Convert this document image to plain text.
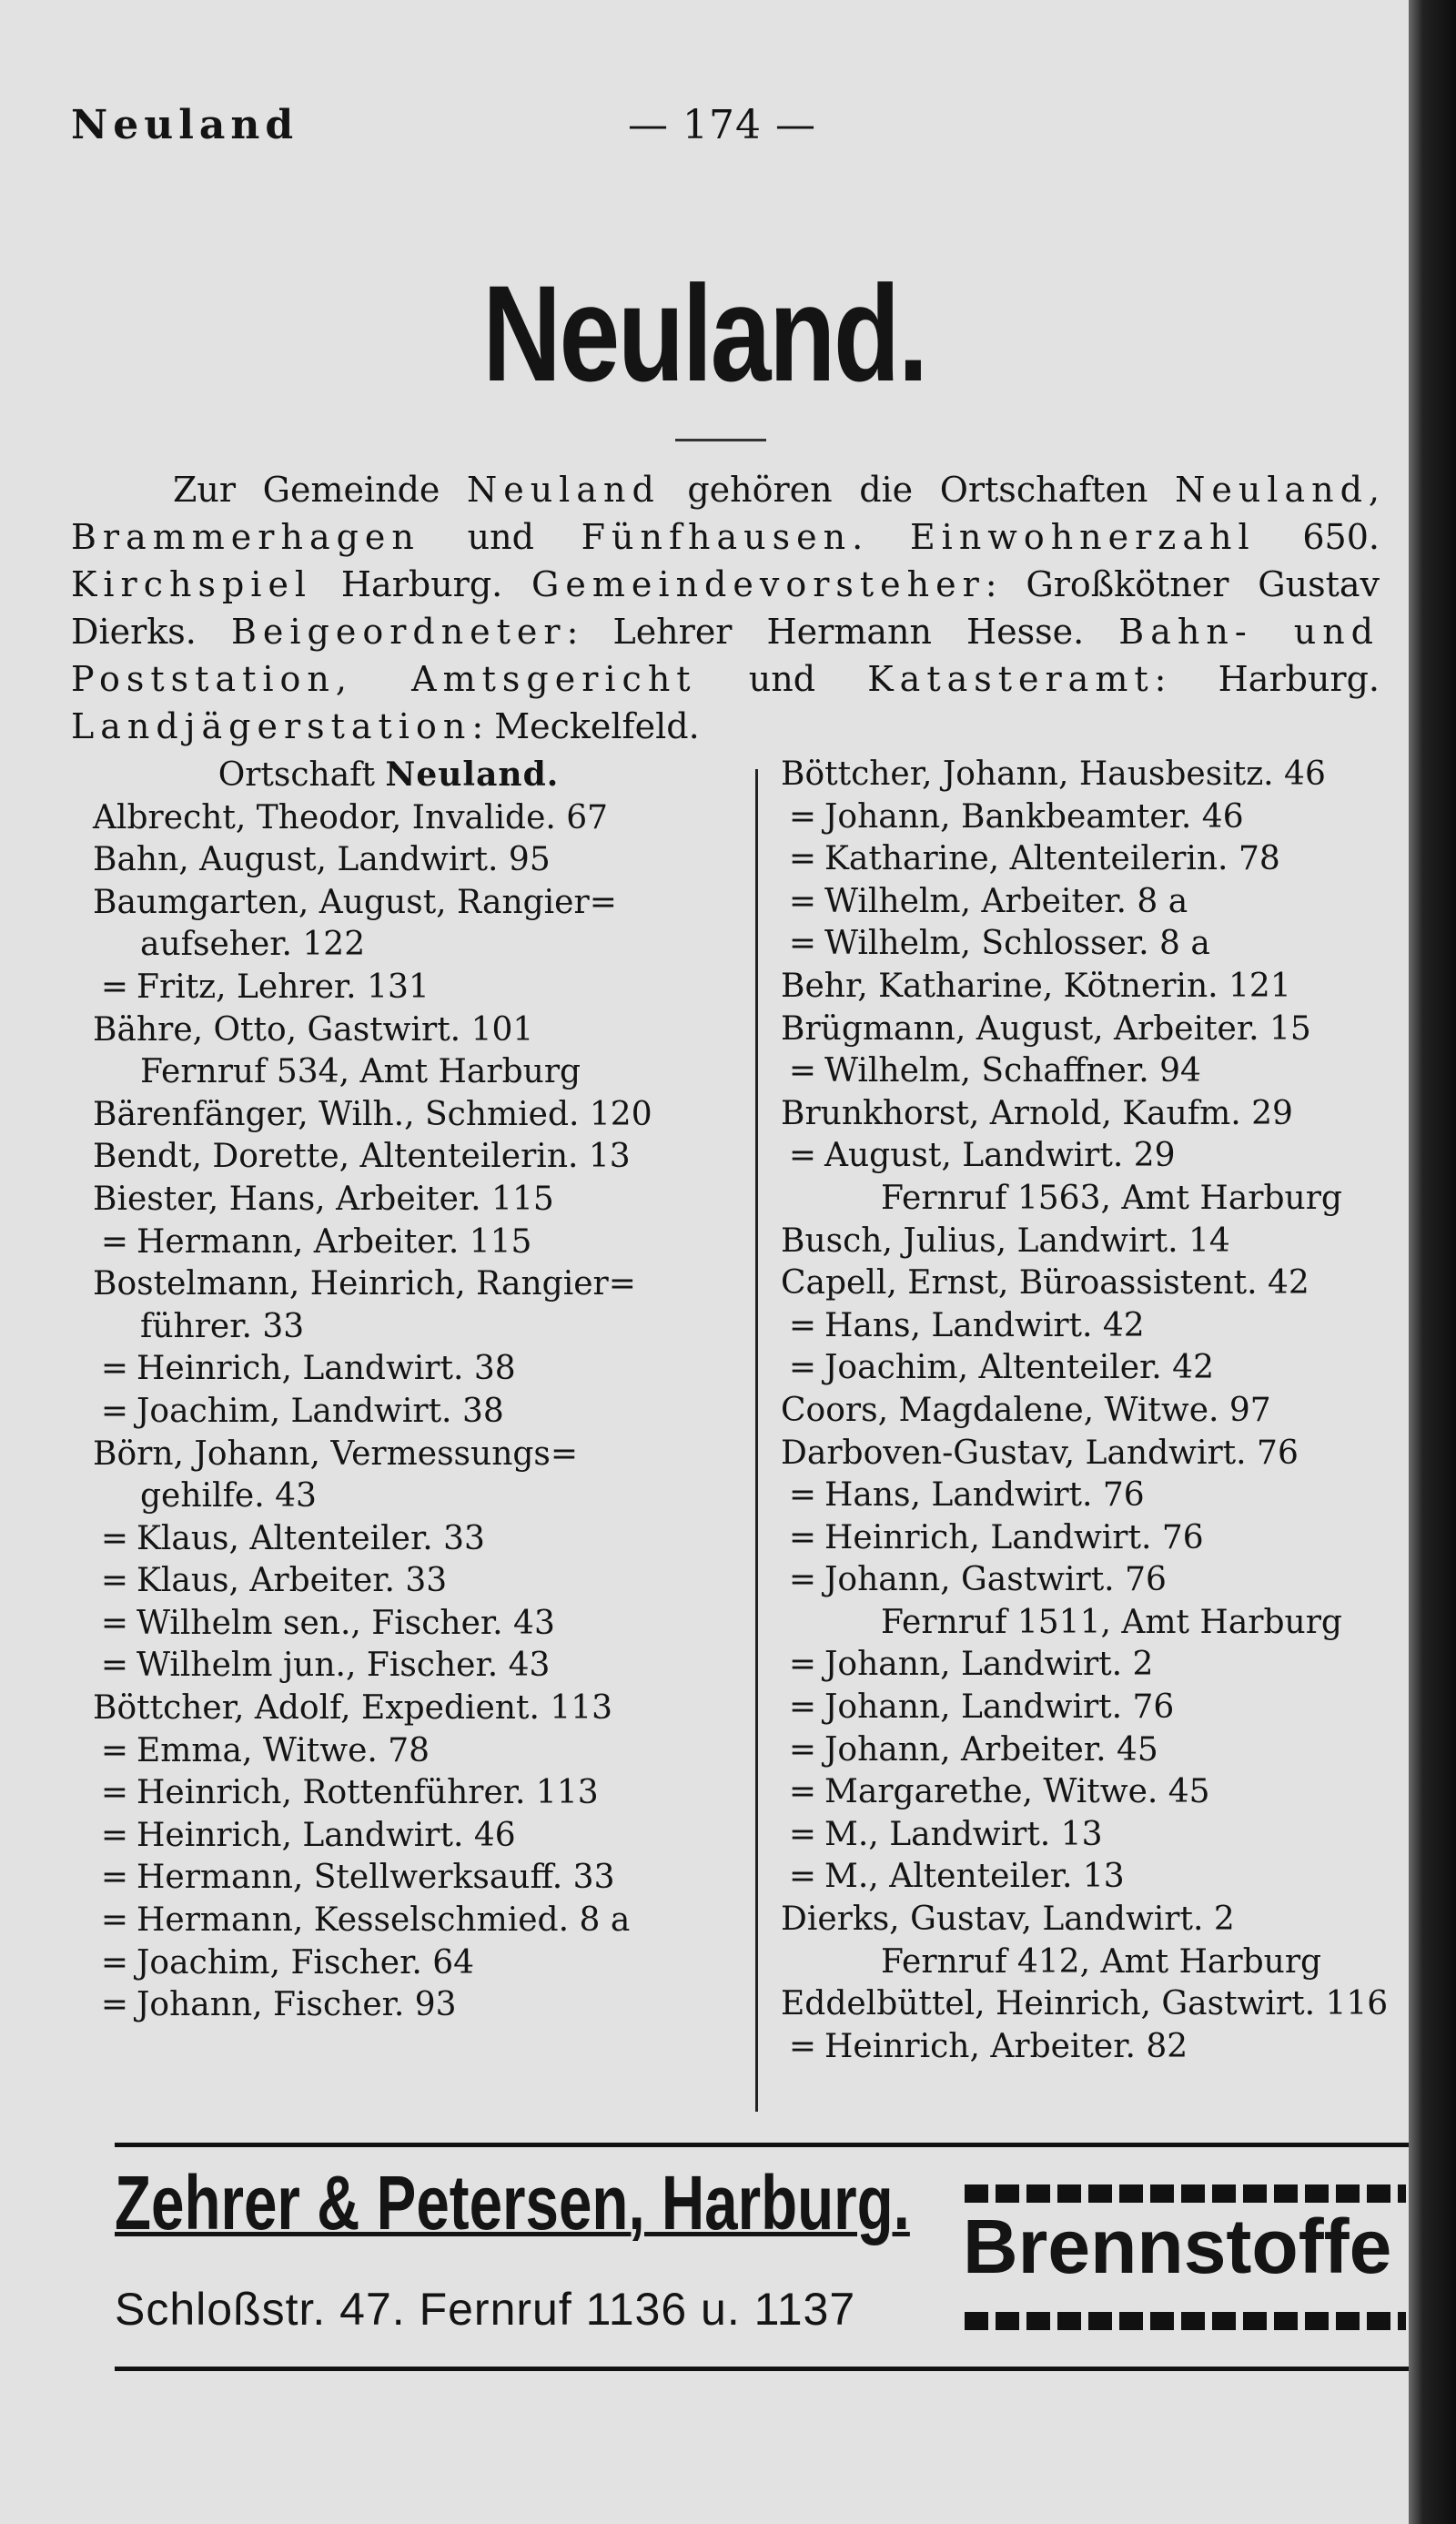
Neuland	— 174 —
Neuland.
Zur Gemeinde Neuland gehören die Ortschaften Neuland, Brammerhagen und Fünfhausen. Einwohnerzahl 650. Kirchspiel Harburg. Gemeindevorsteher: Großkötner Gustav Dierks. Beigeordneter: Lehrer Hermann Hesse. Bahn- und Poststation, Amtsgericht und Katasteramt: Harburg. Landjägerstation: Meckelfeld.
Ortschaft Neuland.
Albrecht, Theodor, Invalide. 67
Bahn, August, Landwirt. 95
Baumgarten, August, Rangier=
aufseher. 122
= Fritz, Lehrer. 131
Bähre, Otto, Gastwirt. 101
Fernruf 534, Amt Harburg
Bärenfänger, Wilh., Schmied. 120
Bendt, Dorette, Altenteilerin. 13
Biester, Hans, Arbeiter. 115
= Hermann, Arbeiter. 115
Bostelmann, Heinrich, Rangier=
führer. 33
= Heinrich, Landwirt. 38
= Joachim, Landwirt. 38
Börn, Johann, Vermessungs=
gehilfe. 43
= Klaus, Altenteiler. 33
= Klaus, Arbeiter. 33
= Wilhelm sen., Fischer. 43
= Wilhelm jun., Fischer. 43
Böttcher, Adolf, Expedient. 113
= Emma, Witwe. 78
= Heinrich, Rottenführer. 113
= Heinrich, Landwirt. 46
= Hermann, Stellwerksauff. 33
= Hermann, Kesselschmied. 8 a
= Joachim, Fischer. 64
= Johann, Fischer. 93
Böttcher, Johann, Hausbesitz. 46
= Johann, Bankbeamter. 46
= Katharine, Altenteilerin. 78
= Wilhelm, Arbeiter. 8 a
= Wilhelm, Schlosser. 8 a
Behr, Katharine, Kötnerin. 121
Brügmann, August, Arbeiter. 15
= Wilhelm, Schaffner. 94
Brunkhorst, Arnold, Kaufm. 29
= August, Landwirt. 29
Fernruf 1563, Amt Harburg
Busch, Julius, Landwirt. 14
Capell, Ernst, Büroassistent. 42
= Hans, Landwirt. 42
= Joachim, Altenteiler. 42
Coors, Magdalene, Witwe. 97
Darboven-Gustav, Landwirt. 76
= Hans, Landwirt. 76
= Heinrich, Landwirt. 76
= Johann, Gastwirt. 76
Fernruf 1511, Amt Harburg
= Johann, Landwirt. 2
= Johann, Landwirt. 76
= Johann, Arbeiter. 45
= Margarethe, Witwe. 45
= M., Landwirt. 13
= M., Altenteiler. 13
Dierks, Gustav, Landwirt. 2
Fernruf 412, Amt Harburg
Eddelbüttel, Heinrich, Gastwirt. 116
= Heinrich, Arbeiter. 82
Zehrer & Petersen, Harburg.
Schloßstr. 47. Fernruf 1136 u. 1137
Brennstoffe
